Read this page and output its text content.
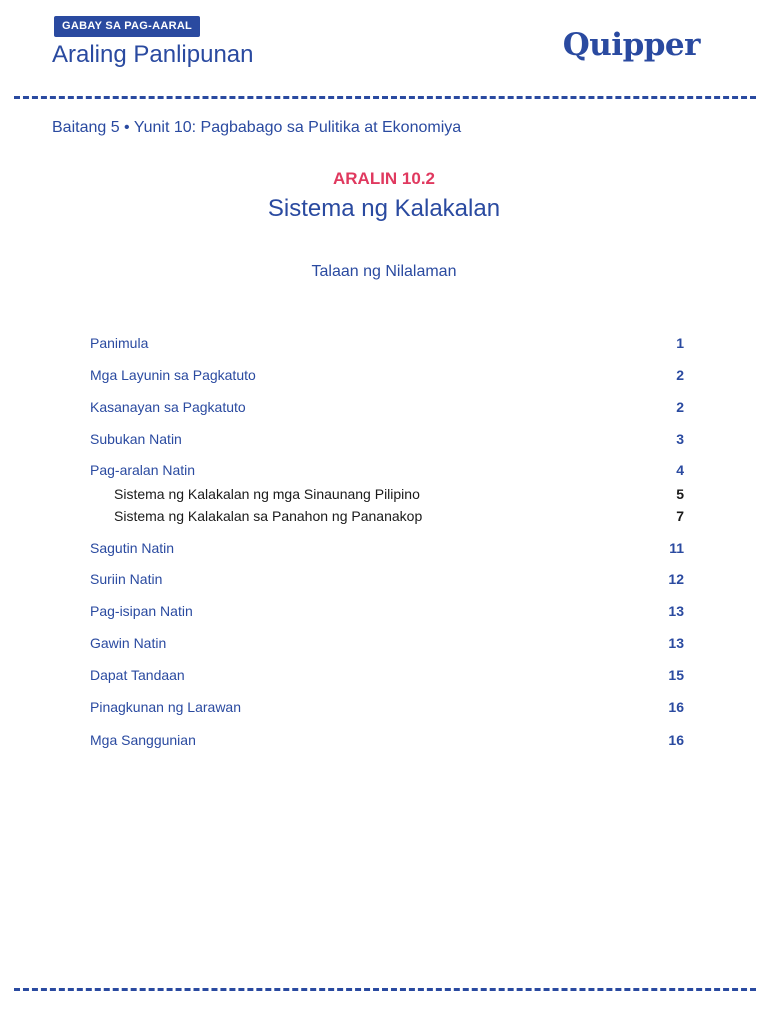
GABAY SA PAG-AARAL
Araling Panlipunan	Quipper
Baitang 5 • Yunit 10: Pagbabago sa Pulitika at Ekonomiya
ARALIN 10.2
Sistema ng Kalakalan
Talaan ng Nilalaman
Panimula	1
Mga Layunin sa Pagkatuto	2
Kasanayan sa Pagkatuto	2
Subukan Natin	3
Pag-aralan Natin	4
Sistema ng Kalakalan ng mga Sinaunang Pilipino	5
Sistema ng Kalakalan sa Panahon ng Pananakop	7
Sagutin Natin	11
Suriin Natin	12
Pag-isipan Natin	13
Gawin Natin	13
Dapat Tandaan	15
Pinagkunan ng Larawan	16
Mga Sanggunian	16
